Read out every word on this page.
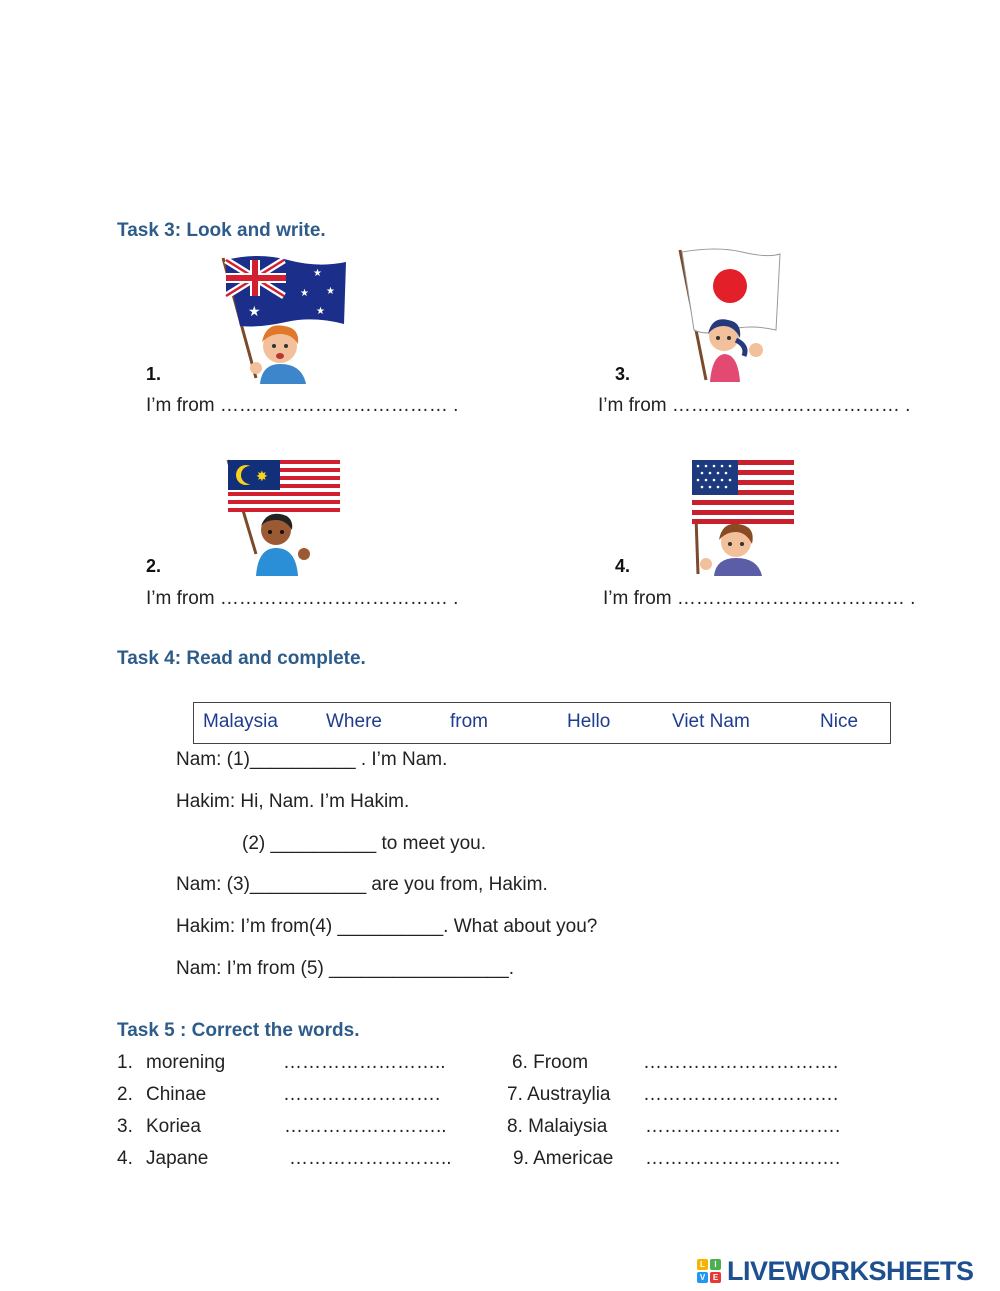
Task 3: Look and write.
★
★
★ ★
★
1.
I’m from ……………………………… .
3.
I’m from ……………………………… .
✸
2.
I’m from ……………………………… .
4.
I’m from ……………………………… .
Task 4: Read and complete.
Malaysia	Where	from	Hello	Viet Nam	Nice
Nam: (1)__________ . I’m Nam.
Hakim: Hi, Nam. I’m Hakim.
(2) __________ to meet you.
Nam: (3)___________ are you from, Hakim.
Hakim: I’m from(4) __________. What about you?
Nam: I’m from (5) _________________.
Task 5 : Correct the words.
1. morening	……………………..
2. Chinae	…………………….
3. Koriea	……………………..
4. Japane	……………………..
6. Froom	………………………….
7. Austraylia ………………………….
8. Malaiysia ………………………….
9. Americae ………………………….
L	I
V E LIVEWORKSHEETS
